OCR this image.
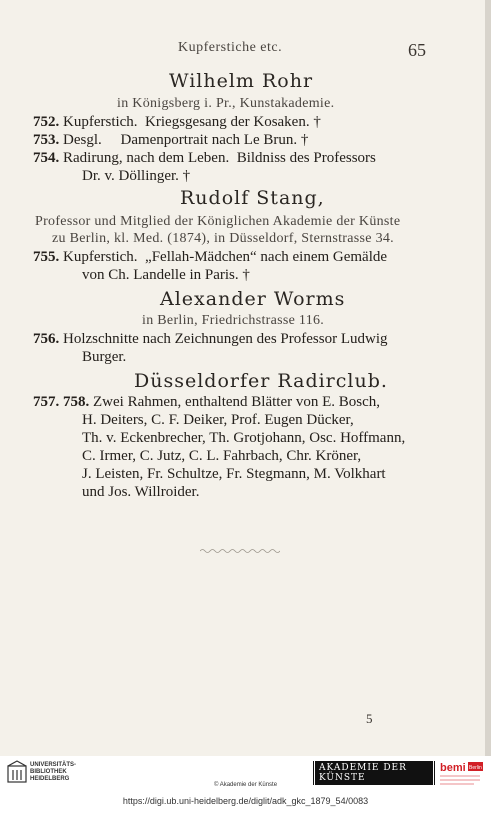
Kupferstiche etc.	65
Wilhelm Rohr
in Königsberg i. Pr., Kunstakademie.
752. Kupferstich.  Kriegsgesang der Kosaken. †
753. Desgl.     Damenportrait nach Le Brun. †
754. Radirung, nach dem Leben.  Bildniss des Professors
Dr. v. Döllinger. †
Rudolf Stang,
Professor und Mitglied der Königlichen Akademie der Künste
zu Berlin, kl. Med. (1874), in Düsseldorf, Sternstrasse 34.
755. Kupferstich.  „Fellah-Mädchen“ nach einem Gemälde
von Ch. Landelle in Paris. †
Alexander Worms
in Berlin, Friedrichstrasse 116.
756. Holzschnitte nach Zeichnungen des Professor Ludwig
Burger.
Düsseldorfer Radirclub.
757. 758. Zwei Rahmen, enthaltend Blätter von E. Bosch,
H. Deiters, C. F. Deiker, Prof. Eugen Dücker,
Th. v. Eckenbrecher, Th. Grotjohann, Osc. Hoffmann,
C. Irmer, C. Jutz, C. L. Fahrbach, Chr. Kröner,
J. Leisten, Fr. Schultze, Fr. Stegmann, M. Volkhart
und Jos. Willroider.
5
UNIVERSITÄTS-
BIBLIOTHEK
HEIDELBERG
AKADEMIE DER KÜNSTE
bemi Berlin
© Akademie der Künste
https://digi.ub.uni-heidelberg.de/diglit/adk_gkc_1879_54/0083
